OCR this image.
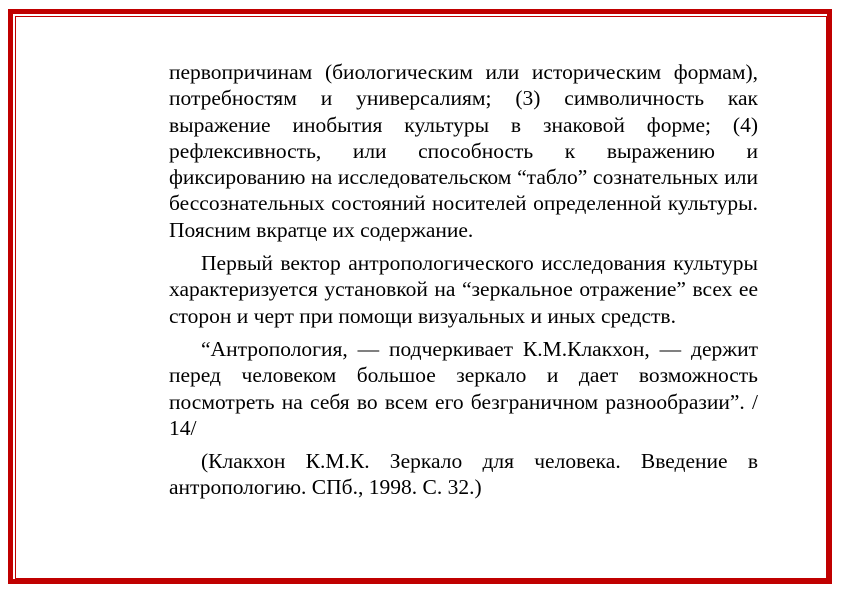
первопричинам (биологическим или историческим формам), потребностям и универсалиям; (3) символичность как выражение инобытия культуры в знаковой форме; (4) рефлексивность, или способность к выражению и фиксированию на исследовательском “табло” сознательных или бессознательных состояний носителей определенной культуры. Поясним вкратце их содержание.

Первый вектор антропологического исследования культуры характеризуется установкой на “зеркальное отражение” всех ее сторон и черт при помощи визуальных и иных средств.

“Антропология, — подчеркивает К.М.Клакхон, — держит перед человеком большое зеркало и дает возможность посмотреть на себя во всем его безграничном разнообразии”. / 14/

(Клакхон К.М.К. Зеркало для человека. Введение в антропологию. СПб., 1998. С. 32.)
